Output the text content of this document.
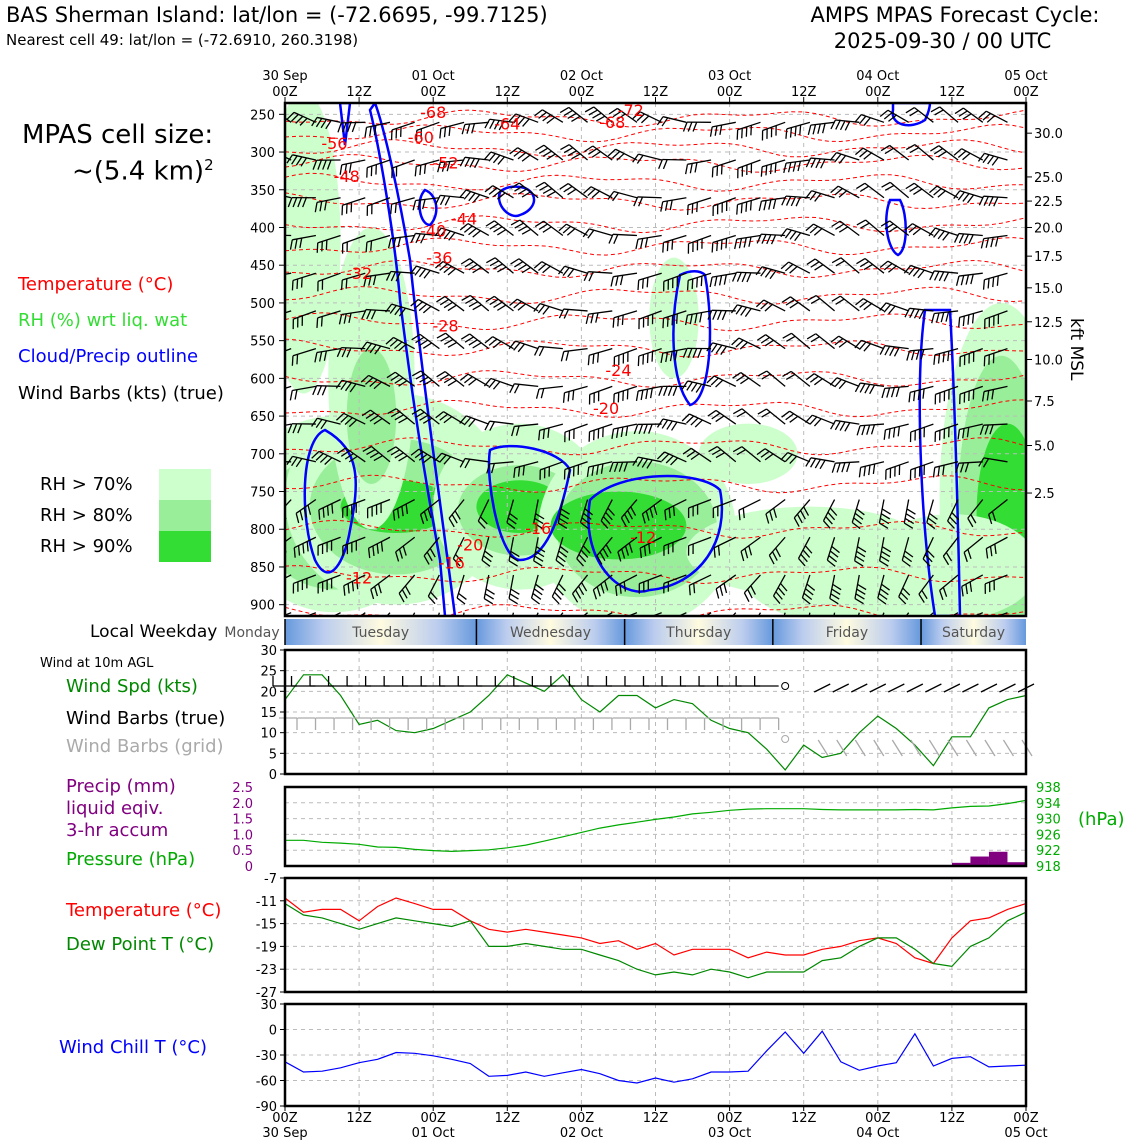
BAS Sherman Island: lat/lon = (-72.6695, -99.7125)
Nearest cell 49: lat/lon = (-72.6910, 260.3198)
AMPS MPAS Forecast Cycle:
2025-09-30 / 00 UTC
MPAS cell size:
~(5.4 km)$^2$
Temperature (°C)
RH (%) wrt liq. wat
Cloud/Precip outline
Wind Barbs (kts) (true)
RH > 70%
RH > 80%
RH > 90%
Local Weekday
Wind at 10m AGL
Wind Spd (kts)
Wind Barbs (true)
Wind Barbs (grid)
Precip (mm)
liquid eqiv.
3-hr accum
Pressure (hPa)
(hPa)
Temperature (°C)
Dew Point T (°C)
Wind Chill T (°C)
kft MSL
-68
-64
-60
-72
-68
-56
-52
-48
-44
-40
-36
-32
-28
-24
-20
-20
-16
-16
-12
-12
250
300
350
400
450
500
550
600
650
700
750
800
850
900
30.0
25.0
22.5
20.0
17.5
15.0
12.5
10.0
7.5
5.0
2.5
Monday	Tuesday	Wednesday	Thursday	Friday	Saturday
30 Sep
00Z	12Z
01 Oct
00Z	12Z
02 Oct
00Z	12Z
03 Oct
00Z	12Z
04 Oct
00Z	12Z
05 Oct
00Z
0
5
10
15
20
25
30
0
0.5
1.0
1.5
2.0
2.5
918
922
926
930
934
938
-27
-23
-19
-15
-11
-7
-90
-60
-30
0
30
00Z
30 Sep
12Z	00Z
01 Oct
12Z	00Z
02 Oct
12Z	00Z
03 Oct
12Z	00Z
04 Oct
12Z	00Z
05 Oct
